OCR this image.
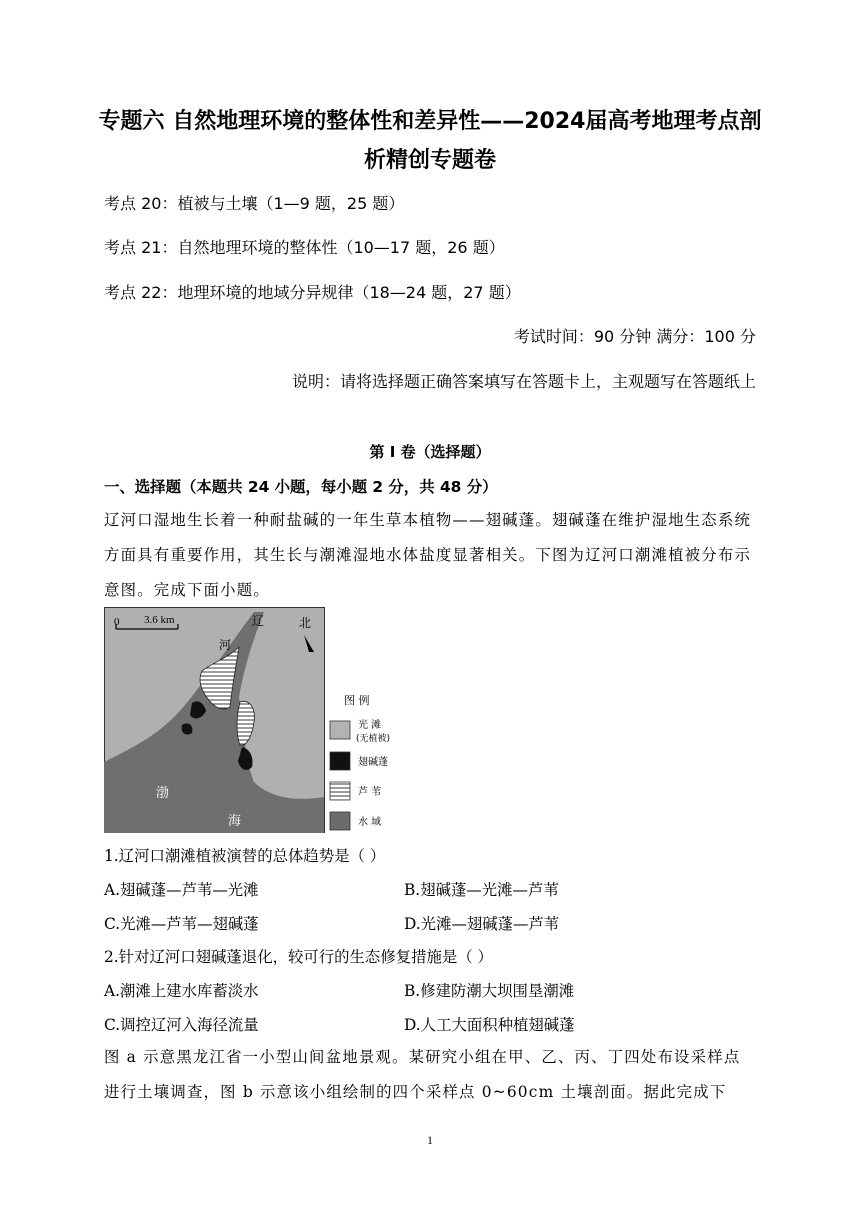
专题六 自然地理环境的整体性和差异性——2024届高考地理考点剖
析精创专题卷
考点 20：植被与土壤（1—9 题，25 题）
考点 21：自然地理环境的整体性（10—17 题，26 题）
考点 22：地理环境的地域分异规律（18—24 题，27 题）
考试时间：90 分钟 满分：100 分
说明：请将选择题正确答案填写在答题卡上，主观题写在答题纸上
第 I 卷（选择题）
一、选择题（本题共 24 小题，每小题 2 分，共 48 分）
辽河口湿地生长着一种耐盐碱的一年生草本植物——翅碱蓬。翅碱蓬在维护湿地生态系统方面具有重要作用，其生长与潮滩湿地水体盐度显著相关。下图为辽河口潮滩植被分布示意图。完成下面小题。
0 3.6 km	北
辽
河
渤
海
图 例
光 滩
(无植被)
翅碱蓬
芦 苇
水 域
1.辽河口潮滩植被演替的总体趋势是（ ）
A.翅碱蓬—芦苇—光滩	B.翅碱蓬—光滩—芦苇
C.光滩—芦苇—翅碱蓬	D.光滩—翅碱蓬—芦苇
2.针对辽河口翅碱蓬退化，较可行的生态修复措施是（ ）
A.潮滩上建水库蓄淡水	B.修建防潮大坝围垦潮滩
C.调控辽河入海径流量	D.人工大面积种植翅碱蓬
图 a 示意黑龙江省一小型山间盆地景观。某研究小组在甲、乙、丙、丁四处布设采样点进行土壤调查，图 b 示意该小组绘制的四个采样点 0~60cm 土壤剖面。据此完成下
1
